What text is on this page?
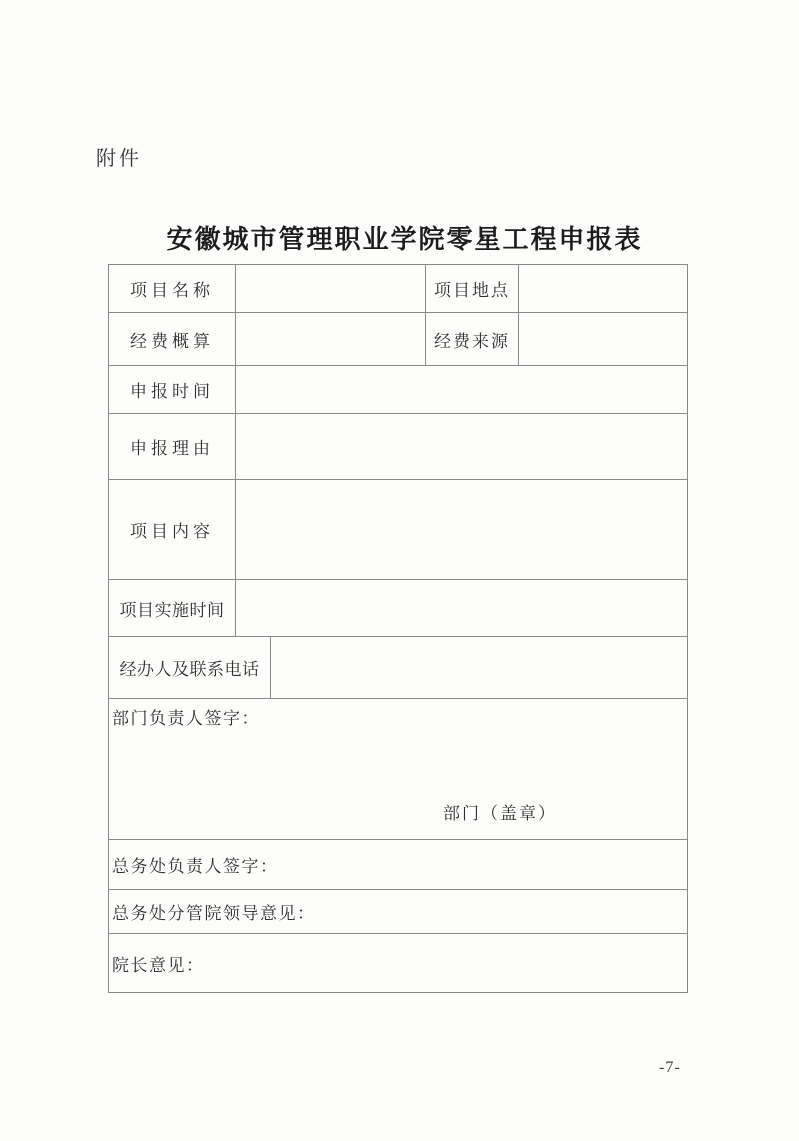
附件
安徽城市管理职业学院零星工程申报表
项目名称	项目地点
经费概算	经费来源
申报时间
申报理由
项目内容
项目实施时间
经办人及联系电话
部门负责人签字：
部门（盖章）
总务处负责人签字：
总务处分管院领导意见：
院长意见：
-7-
